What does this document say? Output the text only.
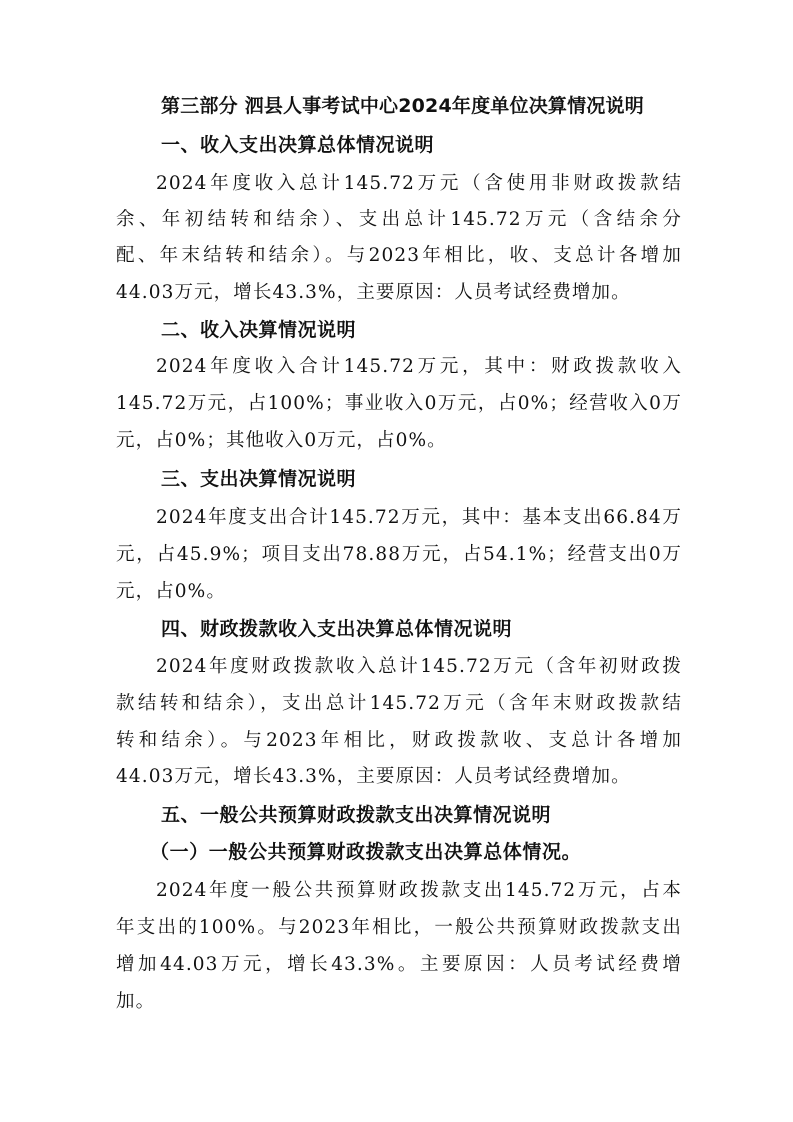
第三部分 泗县人事考试中心2024年度单位决算情况说明
一、收入支出决算总体情况说明
2024年度收入总计145.72万元（含使用非财政拨款结
余、年初结转和结余）、支出总计145.72万元（含结余分
配、年末结转和结余）。与2023年相比，收、支总计各增加
44.03万元，增长43.3%，主要原因：人员考试经费增加。
二、收入决算情况说明
2024年度收入合计145.72万元，其中：财政拨款收入
145.72万元，占100%；事业收入0万元，占0%；经营收入0万
元，占0%；其他收入0万元，占0%。
三、支出决算情况说明
2024年度支出合计145.72万元，其中：基本支出66.84万
元，占45.9%；项目支出78.88万元，占54.1%；经营支出0万
元，占0%。
四、财政拨款收入支出决算总体情况说明
2024年度财政拨款收入总计145.72万元（含年初财政拨
款结转和结余），支出总计145.72万元（含年末财政拨款结
转和结余）。与2023年相比，财政拨款收、支总计各增加
44.03万元，增长43.3%，主要原因：人员考试经费增加。
五、一般公共预算财政拨款支出决算情况说明
（一）一般公共预算财政拨款支出决算总体情况。
2024年度一般公共预算财政拨款支出145.72万元，占本
年支出的100%。与2023年相比，一般公共预算财政拨款支出
增加44.03万元，增长43.3%。主要原因：人员考试经费增
加。
